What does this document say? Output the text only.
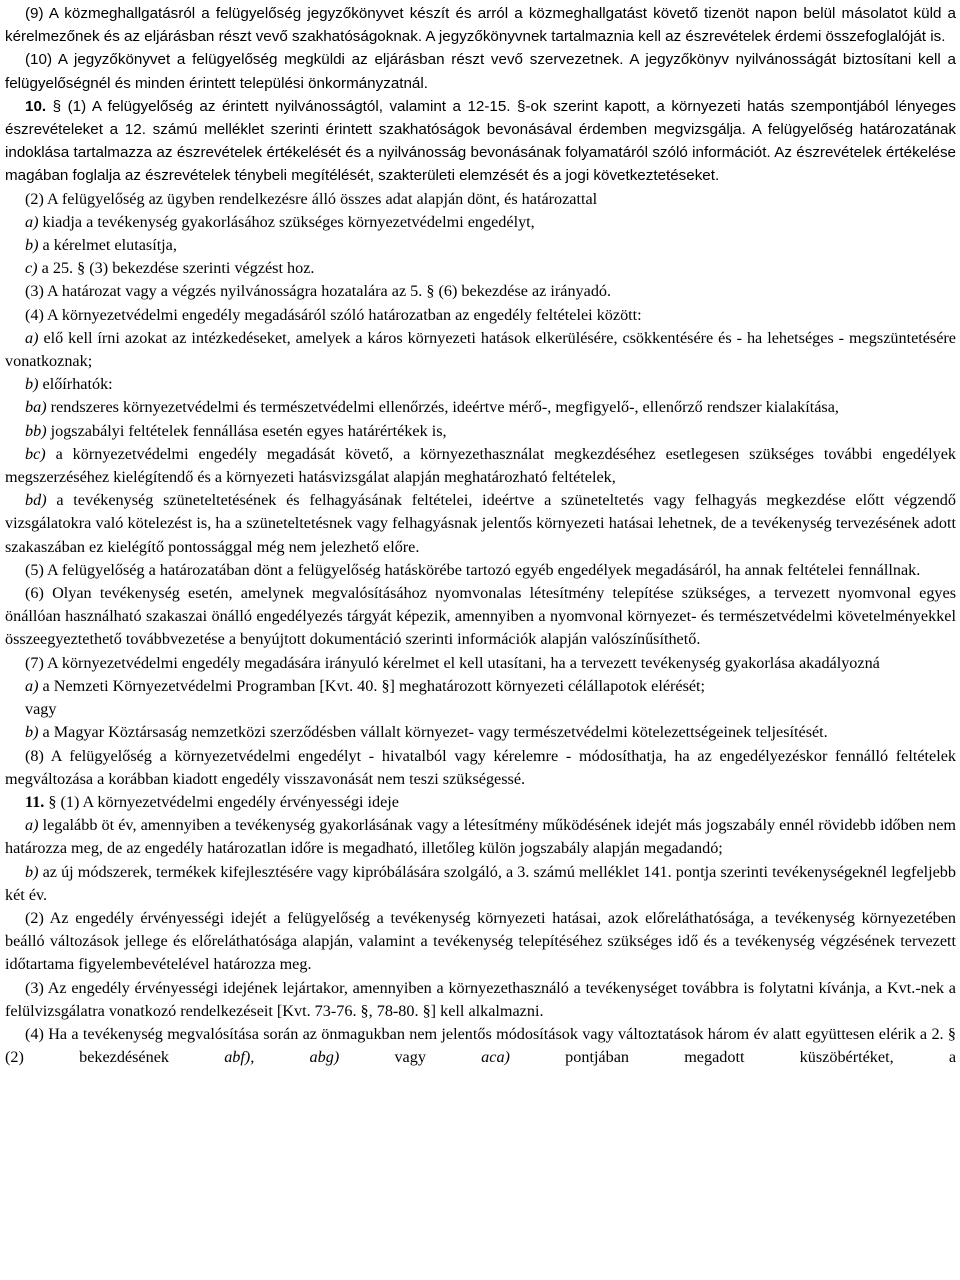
(9) A közmeghallgatásról a felügyelőség jegyzőkönyvet készít és arról a közmeghallgatást követő tizenöt napon belül másolatot küld a kérelmezőnek és az eljárásban részt vevő szakhatóságoknak. A jegyzőkönyvnek tartalmaznia kell az észrevételek érdemi összefoglalóját is.

(10) A jegyzőkönyvet a felügyelőség megküldi az eljárásban részt vevő szervezetnek. A jegyzőkönyv nyilvánosságát biztosítani kell a felügyelőségnél és minden érintett települési önkormányzatnál.

10. § (1) A felügyelőség az érintett nyilvánosságtól, valamint a 12-15. §-ok szerint kapott, a környezeti hatás szempontjából lényeges észrevételeket a 12. számú melléklet szerinti érintett szakhatóságok bevonásával érdemben megvizsgálja. A felügyelőség határozatának indoklása tartalmazza az észrevételek értékelését és a nyilvánosság bevonásának folyamatáról szóló információt. Az észrevételek értékelése magában foglalja az észrevételek ténybeli megítélését, szakterületi elemzését és a jogi következtetéseket.

(2) A felügyelőség az ügyben rendelkezésre álló összes adat alapján dönt, és határozattal

a) kiadja a tevékenység gyakorlásához szükséges környezetvédelmi engedélyt,

b) a kérelmet elutasítja,

c) a 25. § (3) bekezdése szerinti végzést hoz.

(3) A határozat vagy a végzés nyilvánosságra hozatalára az 5. § (6) bekezdése az irányadó.

(4) A környezetvédelmi engedély megadásáról szóló határozatban az engedély feltételei között:

a) elő kell írni azokat az intézkedéseket, amelyek a káros környezeti hatások elkerülésére, csökkentésére és - ha lehetséges - megszüntetésére vonatkoznak;

b) előírhatók:

ba) rendszeres környezetvédelmi és természetvédelmi ellenőrzés, ideértve mérő-, megfigyelő-, ellenőrző rendszer kialakítása,

bb) jogszabályi feltételek fennállása esetén egyes határértékek is,

bc) a környezetvédelmi engedély megadását követő, a környezethasználat megkezdéséhez esetlegesen szükséges további engedélyek megszerzéséhez kielégítendő és a környezeti hatásvizsgálat alapján meghatározható feltételek,

bd) a tevékenység szüneteltetésének és felhagyásának feltételei, ideértve a szüneteltetés vagy felhagyás megkezdése előtt végzendő vizsgálatokra való kötelezést is, ha a szüneteltetésnek vagy felhagyásnak jelentős környezeti hatásai lehetnek, de a tevékenység tervezésének adott szakaszában ez kielégítő pontossággal még nem jelezhető előre.

(5) A felügyelőség a határozatában dönt a felügyelőség hatáskörébe tartozó egyéb engedélyek megadásáról, ha annak feltételei fennállnak.

(6) Olyan tevékenység esetén, amelynek megvalósításához nyomvonalas létesítmény telepítése szükséges, a tervezett nyomvonal egyes önállóan használható szakaszai önálló engedélyezés tárgyát képezik, amennyiben a nyomvonal környezet- és természetvédelmi követelményekkel összeegyeztethető továbbvezetése a benyújtott dokumentáció szerinti információk alapján valószínűsíthető.

(7) A környezetvédelmi engedély megadására irányuló kérelmet el kell utasítani, ha a tervezett tevékenység gyakorlása akadályozná

a) a Nemzeti Környezetvédelmi Programban [Kvt. 40. §] meghatározott környezeti célállapotok elérését;

vagy

b) a Magyar Köztársaság nemzetközi szerződésben vállalt környezet- vagy természetvédelmi kötelezettségeinek teljesítését.

(8) A felügyelőség a környezetvédelmi engedélyt - hivatalból vagy kérelemre - módosíthatja, ha az engedélyezéskor fennálló feltételek megváltozása a korábban kiadott engedély visszavonását nem teszi szükségessé.

11. § (1) A környezetvédelmi engedély érvényességi ideje

a) legalább öt év, amennyiben a tevékenység gyakorlásának vagy a létesítmény működésének idejét más jogszabály ennél rövidebb időben nem határozza meg, de az engedély határozatlan időre is megadható, illetőleg külön jogszabály alapján megadandó;

b) az új módszerek, termékek kifejlesztésére vagy kipróbálására szolgáló, a 3. számú melléklet 141. pontja szerinti tevékenységeknél legfeljebb két év.

(2) Az engedély érvényességi idejét a felügyelőség a tevékenység környezeti hatásai, azok előreláthatósága, a tevékenység környezetében beálló változások jellege és előreláthatósága alapján, valamint a tevékenység telepítéséhez szükséges idő és a tevékenység végzésének tervezett időtartama figyelembevételével határozza meg.

(3) Az engedély érvényességi idejének lejártakor, amennyiben a környezethasználó a tevékenységet továbbra is folytatni kívánja, a Kvt.-nek a felülvizsgálatra vonatkozó rendelkezéseit [Kvt. 73-76. §, 78-80. §] kell alkalmazni.

(4) Ha a tevékenység megvalósítása során az önmagukban nem jelentős módosítások vagy változtatások három év alatt együttesen elérik a 2. § (2) bekezdésének abf), abg) vagy aca) pontjában megadott küszöbértéket, a
